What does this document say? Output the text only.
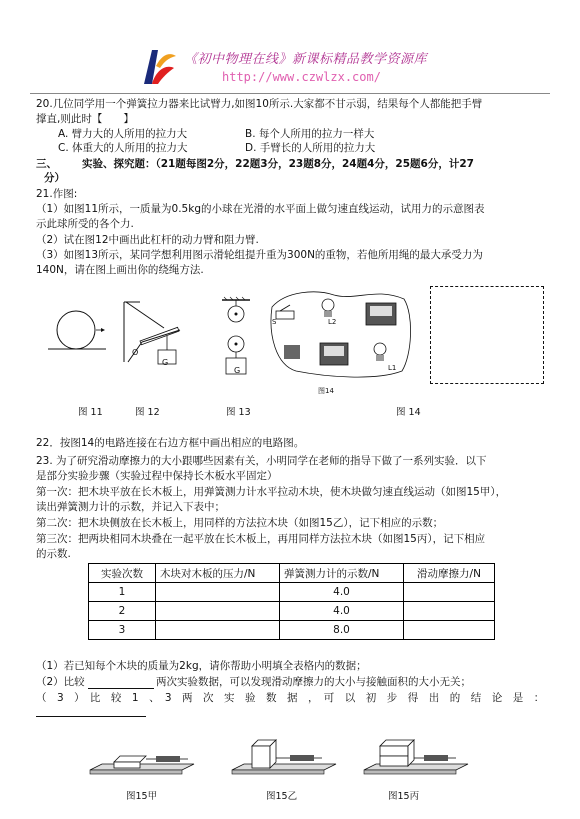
《初中物理在线》新课标精品教学资源库
http://www.czwlzx.com/
20.几位同学用一个弹簧拉力器来比试臂力,如图10所示.大家都不甘示弱，结果每个人都能把手臂
撑直,则此时【　　】
A. 臂力大的人所用的拉力大	B. 每个人所用的拉力一样大
C. 体重大的人所用的拉力大	D. 手臂长的人所用的拉力大
三、 实验、探究题：（21题每图2分，22题3分，23题8分，24题4分，25题6分，计27
分）
21.作图:
（1）如图11所示，一质量为0.5kg的小球在光滑的水平面上做匀速直线运动，试用力的示意图表
示此球所受的各个力.
（2）试在图12中画出此杠杆的动力臂和阻力臂.
（3）如图13所示，某同学想利用图示滑轮组提升重为300N的重物，若他所用绳的最大承受力为
140N，请在图上画出你的绕绳方法.
图 11
O
G
图 12
G
图 13
S	L2
L1
图14
图 14
22．按图14的电路连接在右边方框中画出相应的电路图。
23. 为了研究滑动摩擦力的大小跟哪些因素有关，小明同学在老师的指导下做了一系列实验．以下
是部分实验步骤（实验过程中保持长木板水平固定）
第一次：把木块平放在长木板上，用弹簧测力计水平拉动木块，使木块做匀速直线运动（如图15甲），
读出弹簧测力计的示数，并记入下表中；
第二次：把木块侧放在长木板上，用同样的方法拉木块（如图15乙），记下相应的示数；
第三次：把两块相同木块叠在一起平放在长木板上，再用同样方法拉木块（如图15丙），记下相应
的示数.
实验次数	木块对木板的压力/N	弹簧测力计的示数/N	滑动摩擦力/N
1		4.0	
2		4.0	
3		8.0	
（1）若已知每个木块的质量为2kg，请你帮助小明填全表格内的数据；
（2）比较	两次实验数据，可以发现滑动摩擦力的大小与接触面积的大小无关；
（　3　）　比　较　1　、　3　两　次　实　验　数　据　，　可　以　初　步　得　出　的　结　论　是　：
图15甲	图15乙	图15丙
